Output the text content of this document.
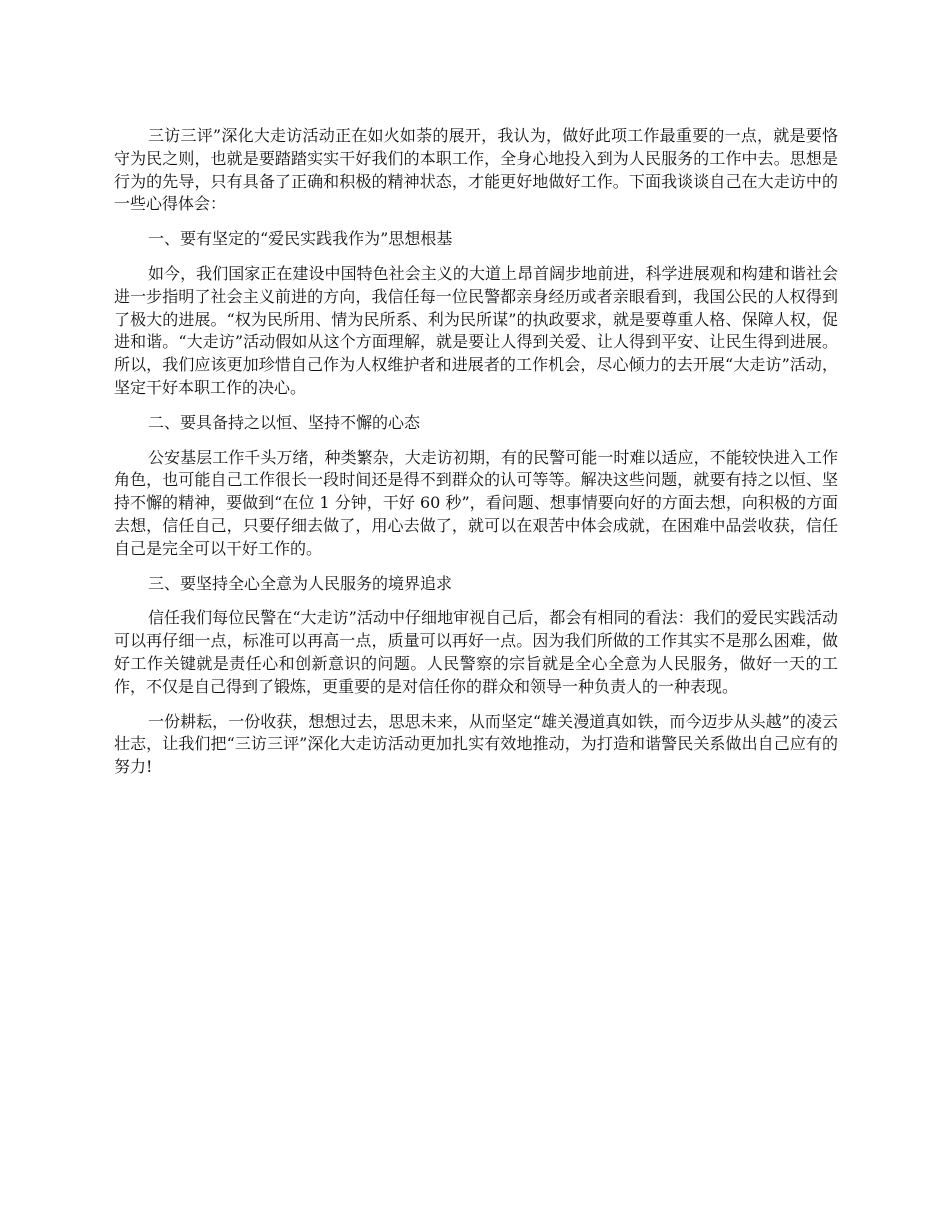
三访三评”深化大走访活动正在如火如荼的展开，我认为，做好此项工作最重要的一点，就是要恪守为民之则，也就是要踏踏实实干好我们的本职工作，全身心地投入到为人民服务的工作中去。思想是行为的先导，只有具备了正确和积极的精神状态，才能更好地做好工作。下面我谈谈自己在大走访中的一些心得体会：

一、要有坚定的“爱民实践我作为”思想根基

如今，我们国家正在建设中国特色社会主义的大道上昂首阔步地前进，科学进展观和构建和谐社会进一步指明了社会主义前进的方向，我信任每一位民警都亲身经历或者亲眼看到，我国公民的人权得到了极大的进展。“权为民所用、情为民所系、利为民所谋”的执政要求，就是要尊重人格、保障人权，促进和谐。“大走访”活动假如从这个方面理解，就是要让人得到关爱、让人得到平安、让民生得到进展。所以，我们应该更加珍惜自己作为人权维护者和进展者的工作机会，尽心倾力的去开展“大走访”活动，坚定干好本职工作的决心。

二、要具备持之以恒、坚持不懈的心态

公安基层工作千头万绪，种类繁杂，大走访初期，有的民警可能一时难以适应，不能较快进入工作角色，也可能自己工作很长一段时间还是得不到群众的认可等等。解决这些问题，就要有持之以恒、坚持不懈的精神，要做到“在位 1 分钟，干好 60 秒”，看问题、想事情要向好的方面去想，向积极的方面去想，信任自己，只要仔细去做了，用心去做了，就可以在艰苦中体会成就，在困难中品尝收获，信任自己是完全可以干好工作的。

三、要坚持全心全意为人民服务的境界追求

信任我们每位民警在“大走访”活动中仔细地审视自己后，都会有相同的看法：我们的爱民实践活动可以再仔细一点，标准可以再高一点，质量可以再好一点。因为我们所做的工作其实不是那么困难，做好工作关键就是责任心和创新意识的问题。人民警察的宗旨就是全心全意为人民服务，做好一天的工作，不仅是自己得到了锻炼，更重要的是对信任你的群众和领导一种负责人的一种表现。

一份耕耘，一份收获，想想过去，思思未来，从而坚定“雄关漫道真如铁，而今迈步从头越”的凌云壮志，让我们把“三访三评”深化大走访活动更加扎实有效地推动，为打造和谐警民关系做出自己应有的努力!
